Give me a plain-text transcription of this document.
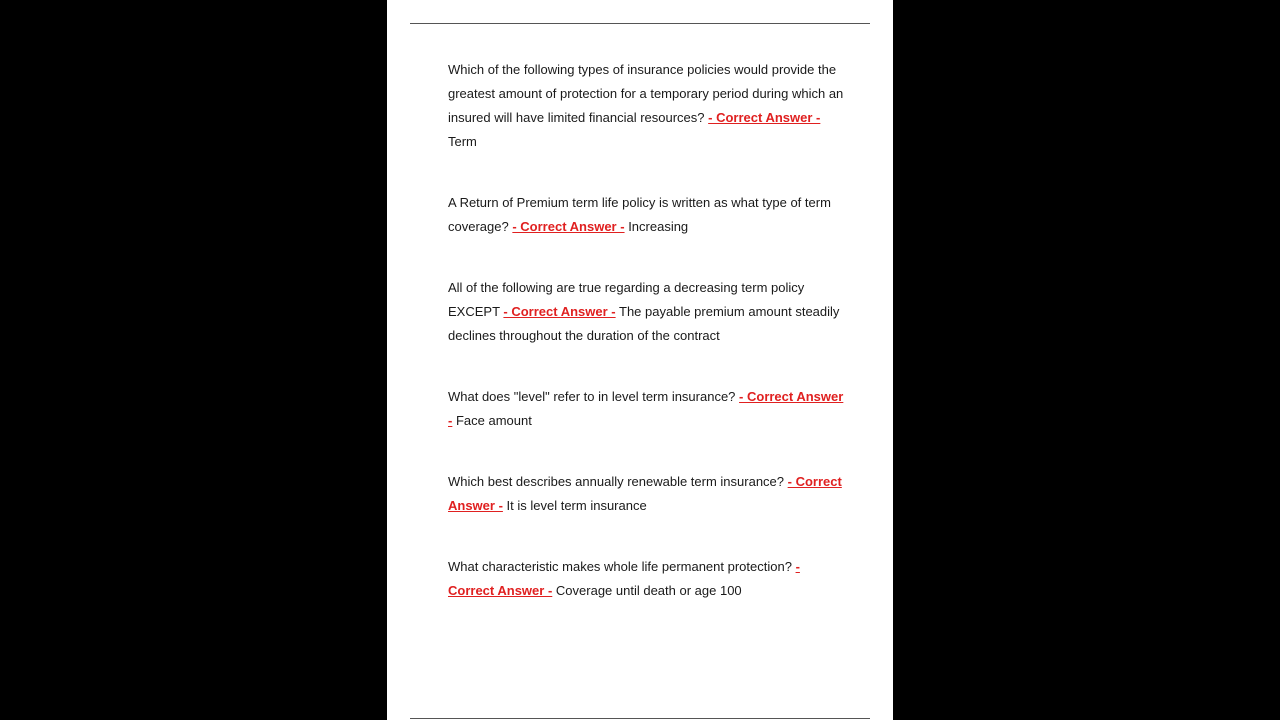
Which of the following types of insurance policies would provide the greatest amount of protection for a temporary period during which an insured will have limited financial resources? - Correct Answer - Term

A Return of Premium term life policy is written as what type of term coverage? - Correct Answer - Increasing

All of the following are true regarding a decreasing term policy EXCEPT - Correct Answer - The payable premium amount steadily declines throughout the duration of the contract

What does "level" refer to in level term insurance? - Correct Answer - Face amount

Which best describes annually renewable term insurance? - Correct Answer - It is level term insurance

What characteristic makes whole life permanent protection? - Correct Answer - Coverage until death or age 100
